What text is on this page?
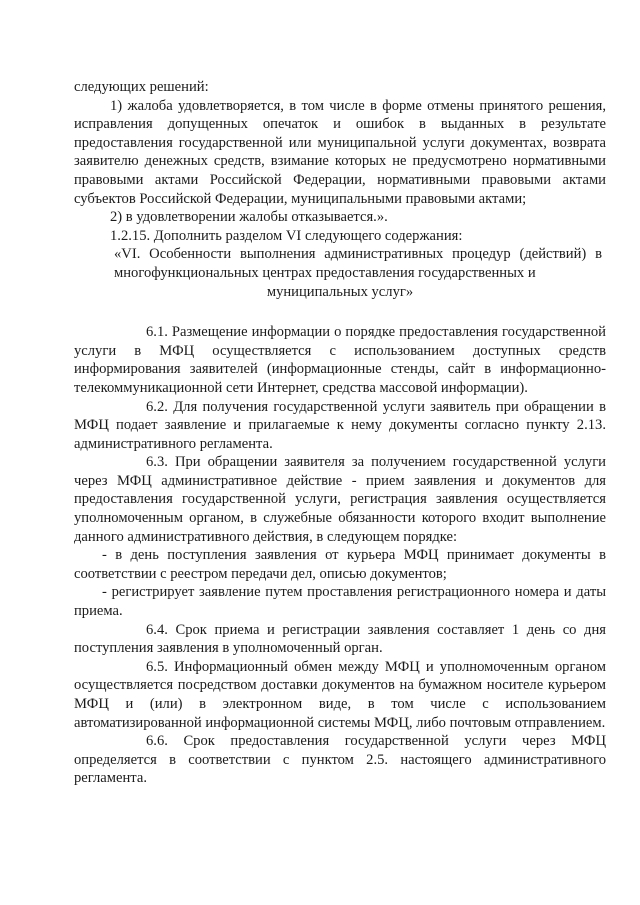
следующих решений:

1) жалоба удовлетворяется, в том числе в форме отмены принятого решения, исправления допущенных опечаток и ошибок в выданных в результате предоставления государственной или муниципальной услуги документах, возврата заявителю денежных средств, взимание которых не предусмотрено нормативными правовыми актами Российской Федерации, нормативными правовыми актами субъектов Российской Федерации, муниципальными правовыми актами;

2) в удовлетворении жалобы отказывается.».

1.2.15. Дополнить разделом VI следующего содержания:

«VI. Особенности выполнения административных процедур (действий) в многофункциональных центрах предоставления государственных и

муниципальных услуг»

6.1. Размещение информации о порядке предоставления государственной услуги в МФЦ осуществляется с использованием доступных средств информирования заявителей (информационные стенды, сайт в информационно-телекоммуникационной сети Интернет, средства массовой информации).

6.2. Для получения государственной услуги заявитель при обращении в МФЦ подает заявление и прилагаемые к нему документы согласно пункту 2.13. административного регламента.

6.3. При обращении заявителя за получением государственной услуги через МФЦ административное действие - прием заявления и документов для предоставления государственной услуги, регистрация заявления осуществляется уполномоченным органом, в служебные обязанности которого входит выполнение данного административного действия, в следующем порядке:

- в день поступления заявления от курьера МФЦ принимает документы в соответствии с реестром передачи дел, описью документов;

- регистрирует заявление путем проставления регистрационного номера и даты приема.

6.4. Срок приема и регистрации заявления составляет 1 день со дня поступления заявления в уполномоченный орган.

6.5. Информационный обмен между МФЦ и уполномоченным органом осуществляется посредством доставки документов на бумажном носителе курьером МФЦ и (или) в электронном виде, в том числе с использованием автоматизированной информационной системы МФЦ, либо почтовым отправлением.

6.6. Срок предоставления государственной услуги через МФЦ определяется в соответствии с пунктом 2.5. настоящего административного регламента.
